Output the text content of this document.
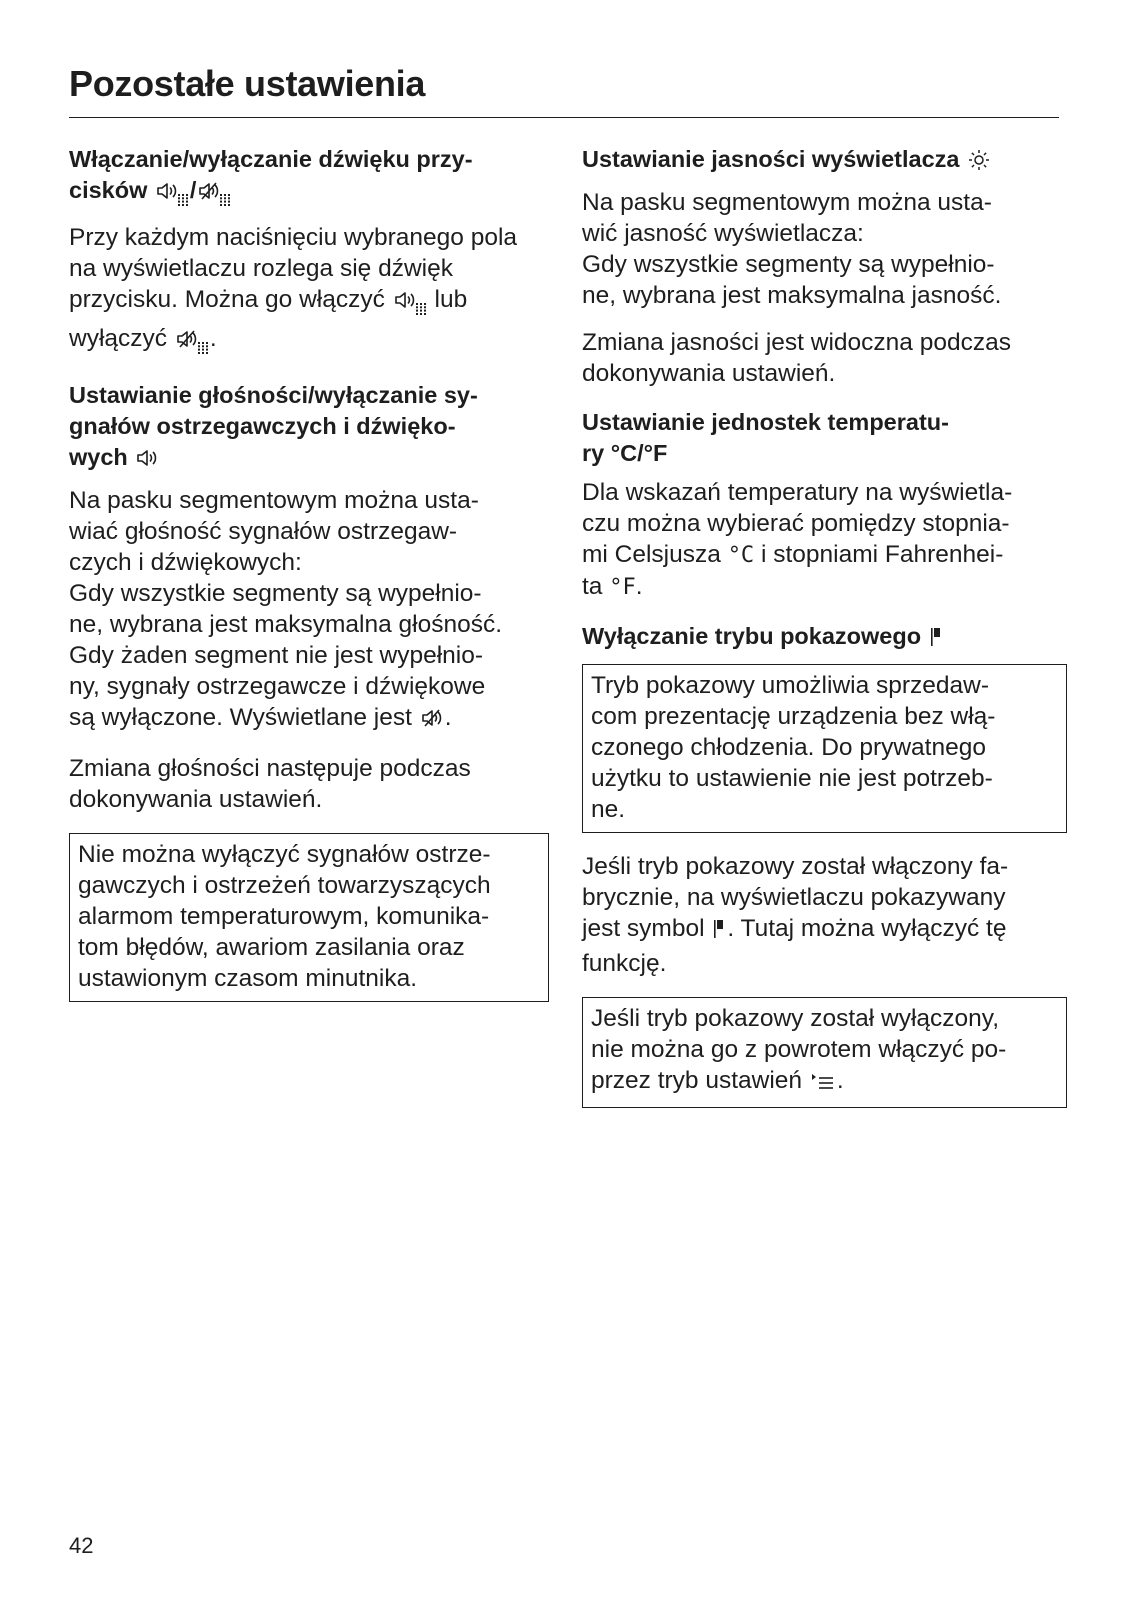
Pozostałe ustawienia
Włączanie/wyłączanie dźwięku przy-
cisków /

Przy każdym naciśnięciu wybranego pola na wyświetlaczu rozlega się dźwięk przycisku. Można go włączyć lub wyłączyć .

Ustawianie głośności/wyłączanie sy-
gnałów ostrzegawczych i dźwięko-
wych

Na pasku segmentowym można usta-
wiać głośność sygnałów ostrzegaw-
czych i dźwiękowych:
Gdy wszystkie segmenty są wypełnio-
ne, wybrana jest maksymalna głośność.
Gdy żaden segment nie jest wypełnio-
ny, sygnały ostrzegawcze i dźwiękowe
są wyłączone. Wyświetlane jest .

Zmiana głośności następuje podczas dokonywania ustawień.

Nie można wyłączyć sygnałów ostrze-
gawczych i ostrzeżeń towarzyszących
alarmom temperaturowym, komunika-
tom błędów, awariom zasilania oraz
ustawionym czasom minutnika.
Ustawianie jasności wyświetlacza

Na pasku segmentowym można usta-
wić jasność wyświetlacza:
Gdy wszystkie segmenty są wypełnio-
ne, wybrana jest maksymalna jasność.

Zmiana jasności jest widoczna podczas dokonywania ustawień.

Ustawianie jednostek temperatu-
ry °C/°F

Dla wskazań temperatury na wyświetla-
czu można wybierać pomiędzy stopnia-
mi Celsjusza °C i stopniami Fahrenhei-
ta °F.

Wyłączanie trybu pokazowego
Tryb pokazowy umożliwia sprzedaw-
com prezentację urządzenia bez włą-
czonego chłodzenia. Do prywatnego
użytku to ustawienie nie jest potrzeb-
ne.

Jeśli tryb pokazowy został włączony fa-
brycznie, na wyświetlaczu pokazywany
jest symbol . Tutaj można wyłączyć tę
funkcję.

Jeśli tryb pokazowy został wyłączony,
nie można go z powrotem włączyć po-
przez tryb ustawień .
42
